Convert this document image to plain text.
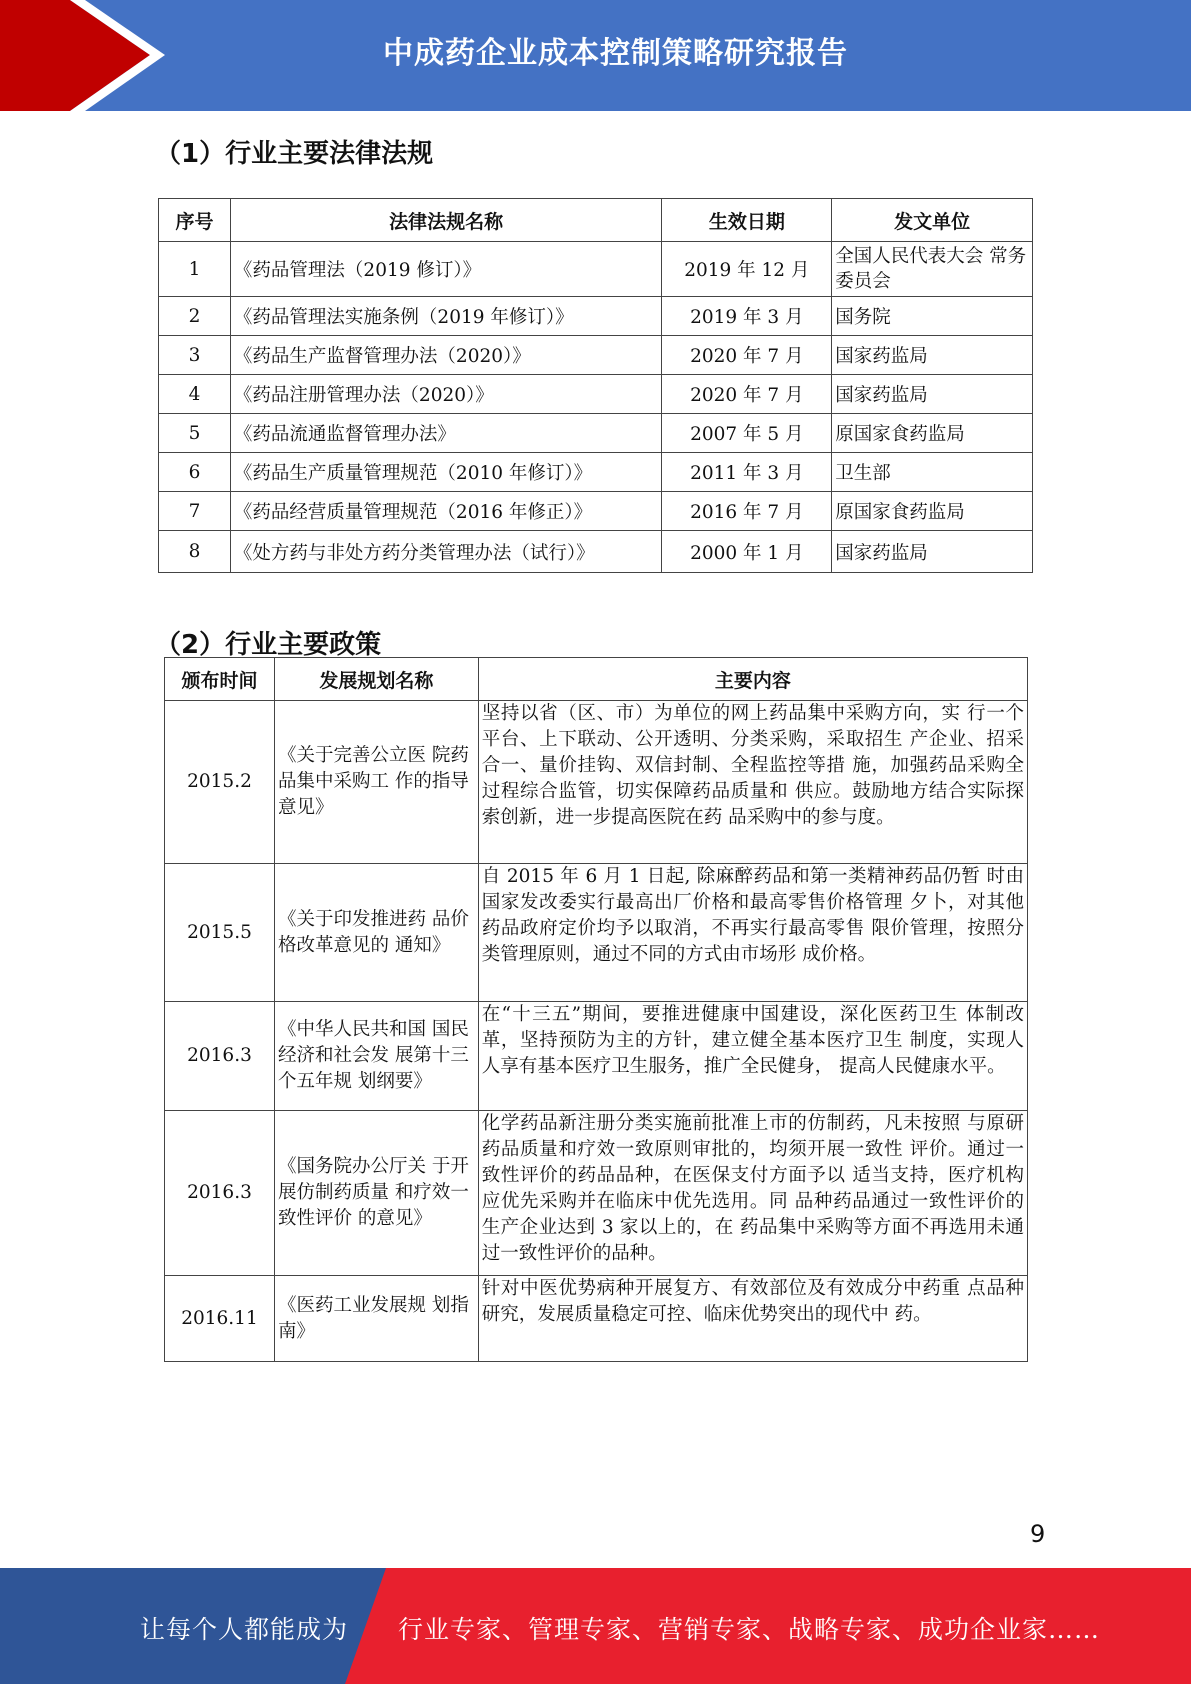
中成药企业成本控制策略研究报告
（1）行业主要法律法规
序号	法律法规名称	生效日期	发文单位
1	《药品管理法（2019 修订）》	2019 年 12 月	全国人民代表大会 常务委员会
2	《药品管理法实施条例（2019 年修订）》	2019 年 3 月	国务院
3	《药品生产监督管理办法（2020）》	2020 年 7 月	国家药监局
4	《药品注册管理办法（2020）》	2020 年 7 月	国家药监局
5	《药品流通监督管理办法》	2007 年 5 月	原国家食药监局
6	《药品生产质量管理规范（2010 年修订）》	2011 年 3 月	卫生部
7	《药品经营质量管理规范（2016 年修正）》	2016 年 7 月	原国家食药监局
8	《处方药与非处方药分类管理办法（试行）》	2000 年 1 月	国家药监局
（2）行业主要政策
颁布时间	发展规划名称	主要内容
2015.2	《关于完善公立医 院药品集中采购工 作的指导意见》	坚持以省（区、市）为单位的网上药品集中采购方向，实 行一个平台、上下联动、公开透明、分类采购，采取招生 产企业、招采合一、量价挂钩、双信封制、全程监控等措 施，加强药品采购全过程综合监管，切实保障药品质量和 供应。鼓励地方结合实际探索创新，进一步提高医院在药 品采购中的参与度。
2015.5	《关于印发推进药 品价格改革意见的 通知》	自 2015 年 6 月 1 日起, 除麻醉药品和第一类精神药品仍暂 时由国家发改委实行最高出厂价格和最高零售价格管理 夕卜，对其他药品政府定价均予以取消，不再实行最高零售 限价管理，按照分类管理原则，通过不同的方式由市场形 成价格。
2016.3	《中华人民共和国 国民经济和社会发 展第十三个五年规 划纲要》	在“十三五”期间，要推进健康中国建设，深化医药卫生 体制改革，坚持预防为主的方针，建立健全基本医疗卫生 制度，实现人人享有基本医疗卫生服务，推广全民健身， 提高人民健康水平。
2016.3	《国务院办公厅关 于开展仿制药质量 和疗效一致性评价 的意见》	化学药品新注册分类实施前批准上市的仿制药，凡未按照 与原研药品质量和疗效一致原则审批的，均须开展一致性 评价。通过一致性评价的药品品种，在医保支付方面予以 适当支持，医疗机构应优先采购并在临床中优先选用。同 品种药品通过一致性评价的生产企业达到 3 家以上的，在 药品集中采购等方面不再选用未通过一致性评价的品种。
2016.11	《医药工业发展规 划指南》	针对中医优势病种开展复方、有效部位及有效成分中药重 点品种研究，发展质量稳定可控、临床优势突出的现代中 药。
9
让每个人都能成为 行业专家、管理专家、营销专家、战略专家、成功企业家……
